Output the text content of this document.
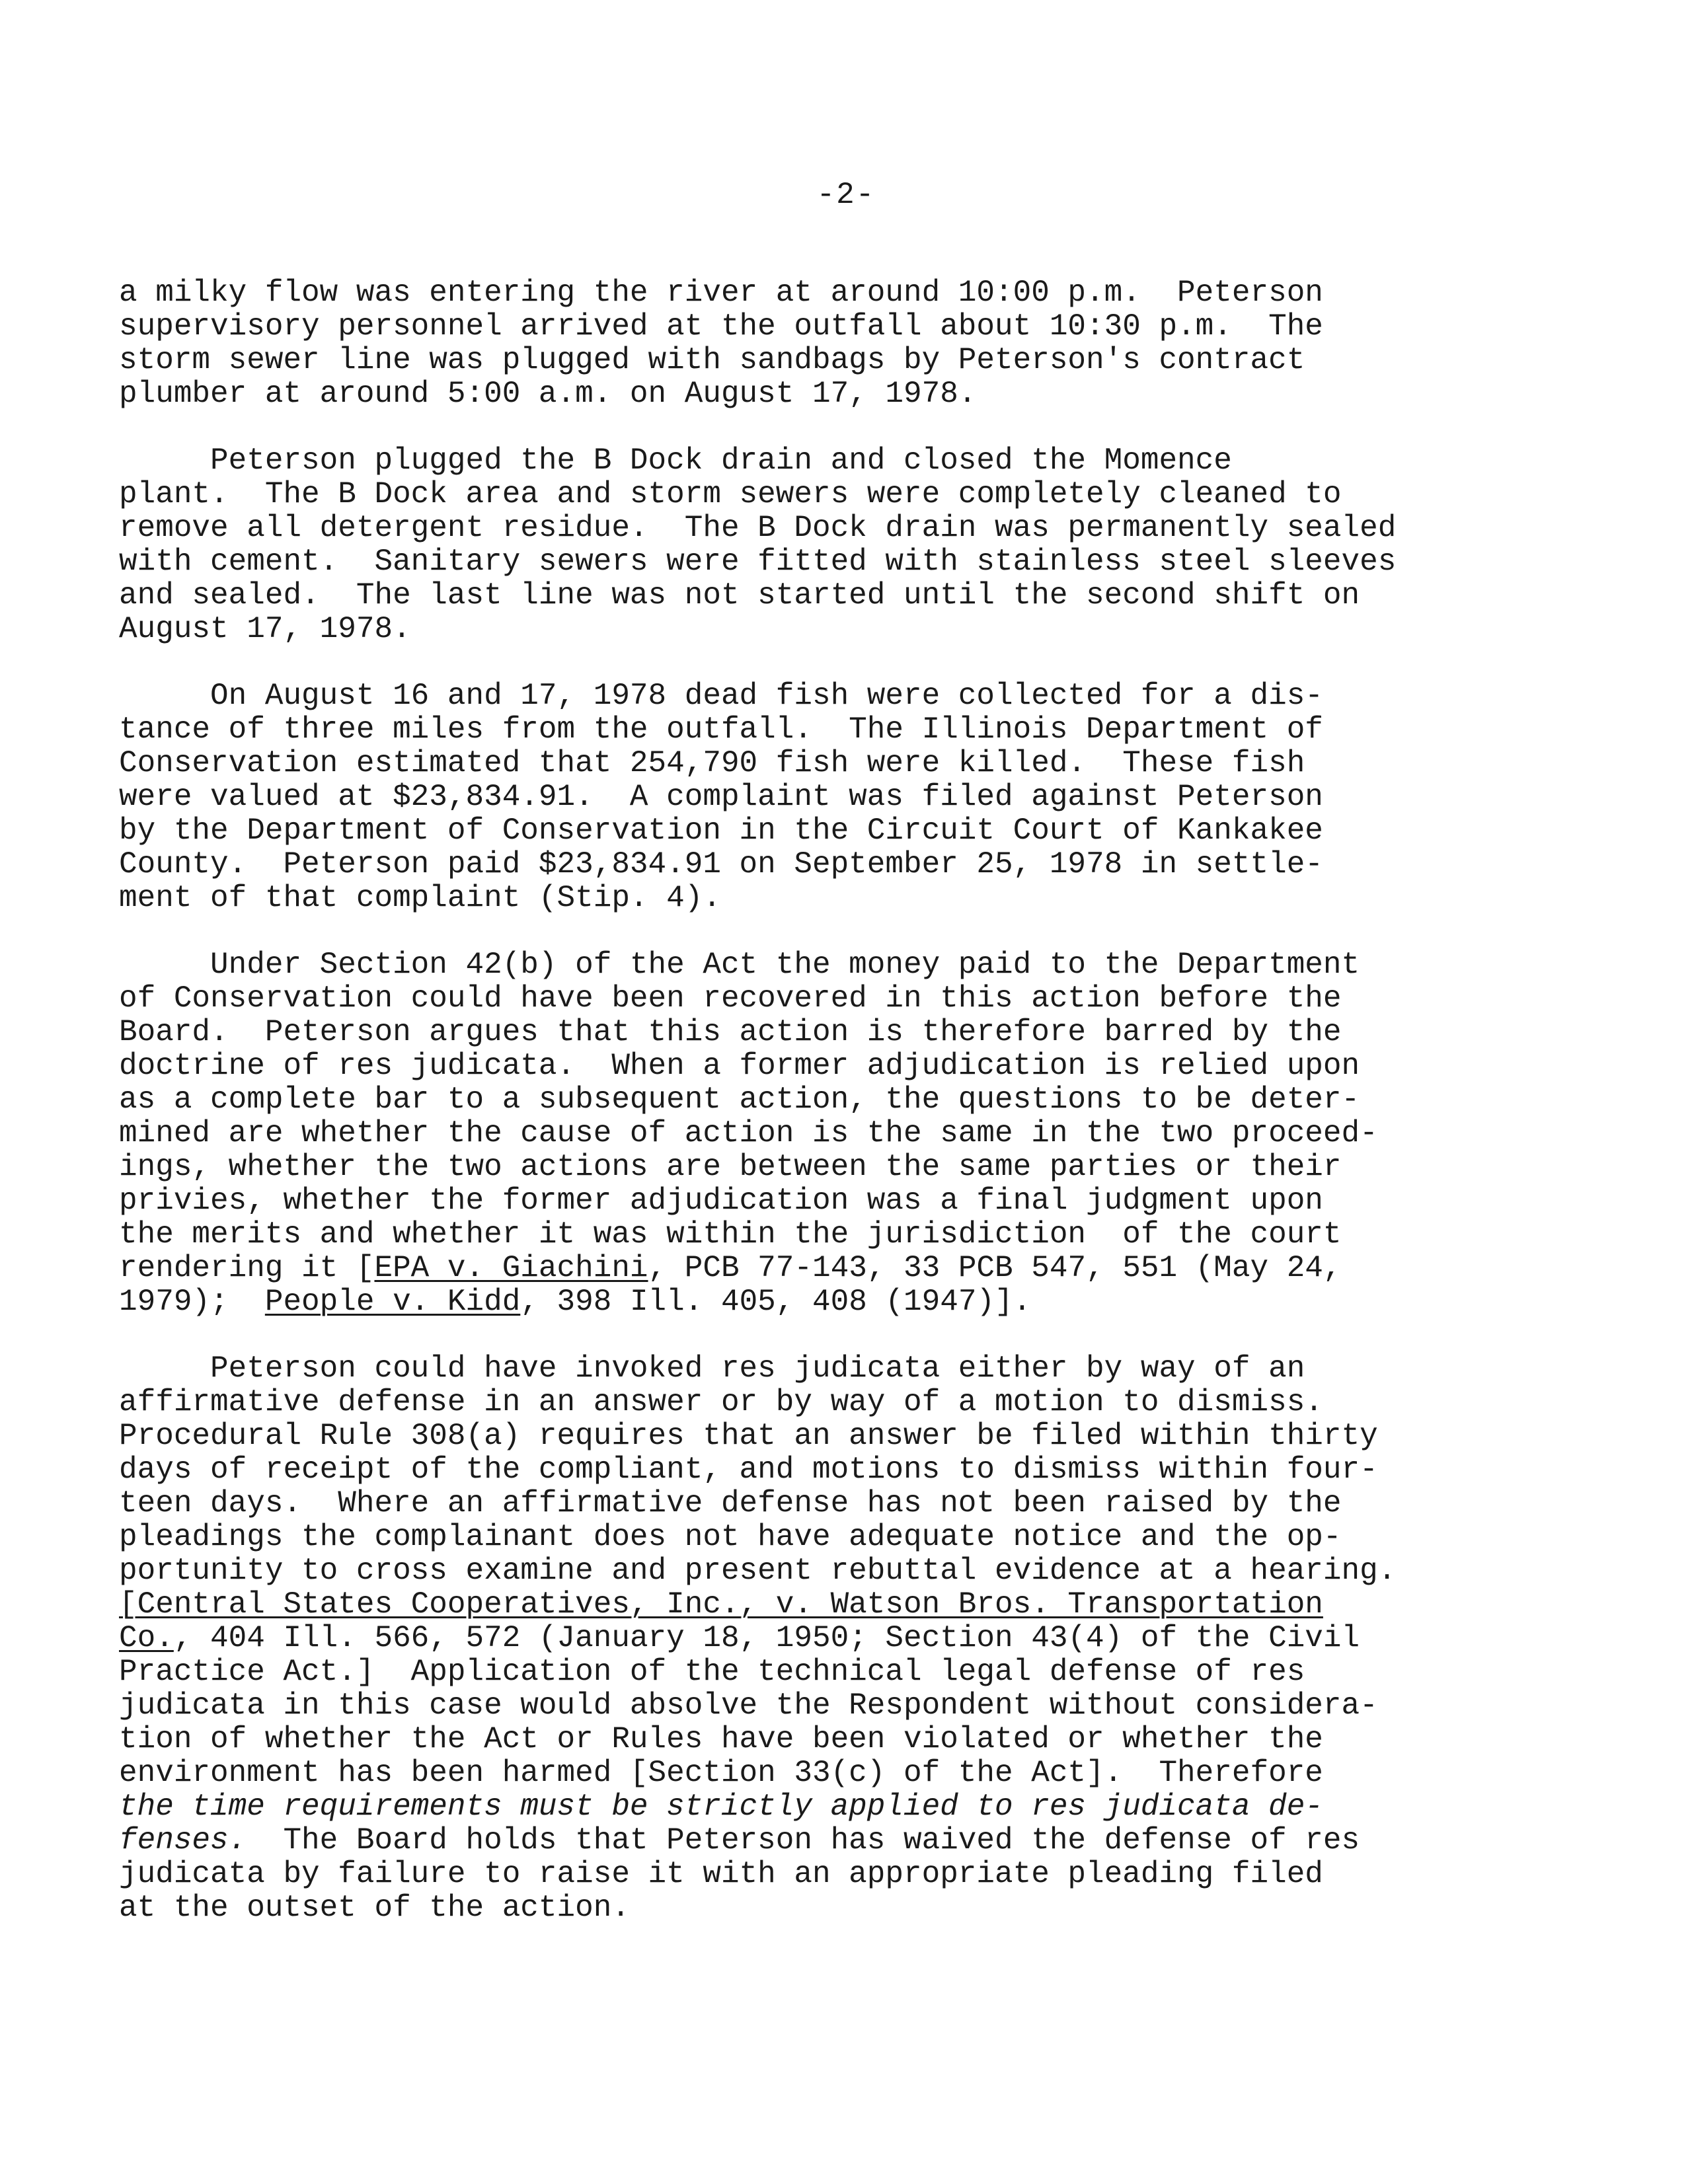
-2-
a milky flow was entering the river at around 10:00 p.m.  Peterson
supervisory personnel arrived at the outfall about 10:30 p.m.  The
storm sewer line was plugged with sandbags by Peterson's contract
plumber at around 5:00 a.m. on August 17, 1978.
Peterson plugged the B Dock drain and closed the Momence
plant.  The B Dock area and storm sewers were completely cleaned to
remove all detergent residue.  The B Dock drain was permanently sealed
with cement.  Sanitary sewers were fitted with stainless steel sleeves
and sealed.  The last line was not started until the second shift on
August 17, 1978.
On August 16 and 17, 1978 dead fish were collected for a dis-
tance of three miles from the outfall.  The Illinois Department of
Conservation estimated that 254,790 fish were killed.  These fish
were valued at $23,834.91.  A complaint was filed against Peterson
by the Department of Conservation in the Circuit Court of Kankakee
County.  Peterson paid $23,834.91 on September 25, 1978 in settle-
ment of that complaint (Stip. 4).
Under Section 42(b) of the Act the money paid to the Department
of Conservation could have been recovered in this action before the
Board.  Peterson argues that this action is therefore barred by the
doctrine of res judicata.  When a former adjudication is relied upon
as a complete bar to a subsequent action, the questions to be deter-
mined are whether the cause of action is the same in the two proceed-
ings, whether the two actions are between the same parties or their
privies, whether the former adjudication was a final judgment upon
the merits and whether it was within the jurisdiction  of the court
rendering it [EPA v. Giachini, PCB 77-143, 33 PCB 547, 551 (May 24,
1979);  People v. Kidd, 398 Ill. 405, 408 (1947)].
Peterson could have invoked res judicata either by way of an
affirmative defense in an answer or by way of a motion to dismiss.
Procedural Rule 308(a) requires that an answer be filed within thirty
days of receipt of the compliant, and motions to dismiss within four-
teen days.  Where an affirmative defense has not been raised by the
pleadings the complainant does not have adequate notice and the op-
portunity to cross examine and present rebuttal evidence at a hearing.
[Central States Cooperatives, Inc., v. Watson Bros. Transportation
Co., 404 Ill. 566, 572 (January 18, 1950; Section 43(4) of the Civil
Practice Act.]  Application of the technical legal defense of res
judicata in this case would absolve the Respondent without considera-
tion of whether the Act or Rules have been violated or whether the
environment has been harmed [Section 33(c) of the Act].  Therefore
the time requirements must be strictly applied to res judicata de-
fenses.  The Board holds that Peterson has waived the defense of res
judicata by failure to raise it with an appropriate pleading filed
at the outset of the action.
